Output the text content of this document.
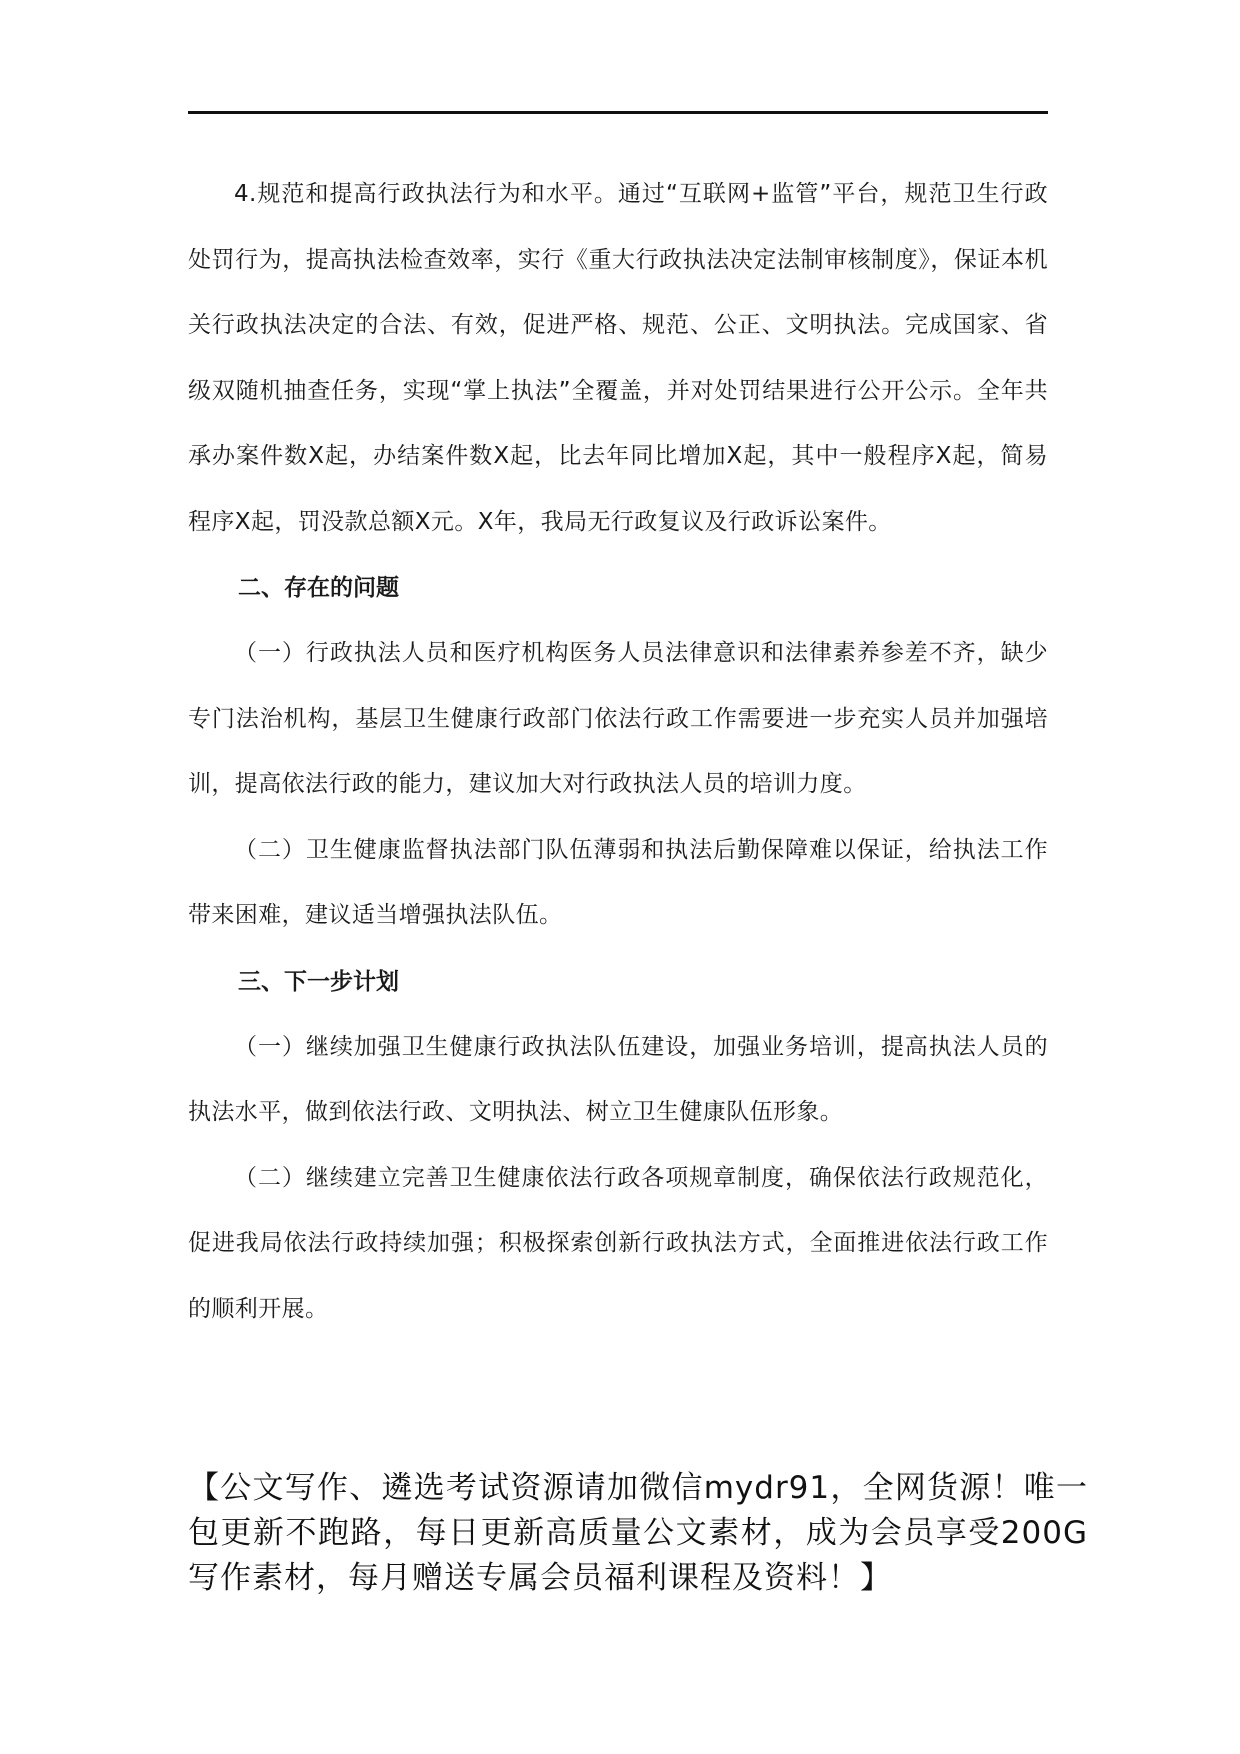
4.规范和提高行政执法行为和水平。通过“互联网+监管”平台，规范卫生行政处罚行为，提高执法检查效率，实行《重大行政执法决定法制审核制度》，保证本机关行政执法决定的合法、有效，促进严格、规范、公正、文明执法。完成国家、省级双随机抽查任务，实现“掌上执法”全覆盖，并对处罚结果进行公开公示。全年共承办案件数X起，办结案件数X起，比去年同比增加X起，其中一般程序X起，简易程序X起，罚没款总额X元。X年，我局无行政复议及行政诉讼案件。

二、存在的问题

（一）行政执法人员和医疗机构医务人员法律意识和法律素养参差不齐，缺少专门法治机构，基层卫生健康行政部门依法行政工作需要进一步充实人员并加强培训，提高依法行政的能力，建议加大对行政执法人员的培训力度。

（二）卫生健康监督执法部门队伍薄弱和执法后勤保障难以保证，给执法工作带来困难，建议适当增强执法队伍。

三、下一步计划

（一）继续加强卫生健康行政执法队伍建设，加强业务培训，提高执法人员的执法水平，做到依法行政、文明执法、树立卫生健康队伍形象。

（二）继续建立完善卫生健康依法行政各项规章制度，确保依法行政规范化，促进我局依法行政持续加强；积极探索创新行政执法方式，全面推进依法行政工作的顺利开展。

【公文写作、遴选考试资源请加微信mydr91，全网货源！唯一包更新不跑路，每日更新高质量公文素材，成为会员享受200G写作素材，每月赠送专属会员福利课程及资料！】
